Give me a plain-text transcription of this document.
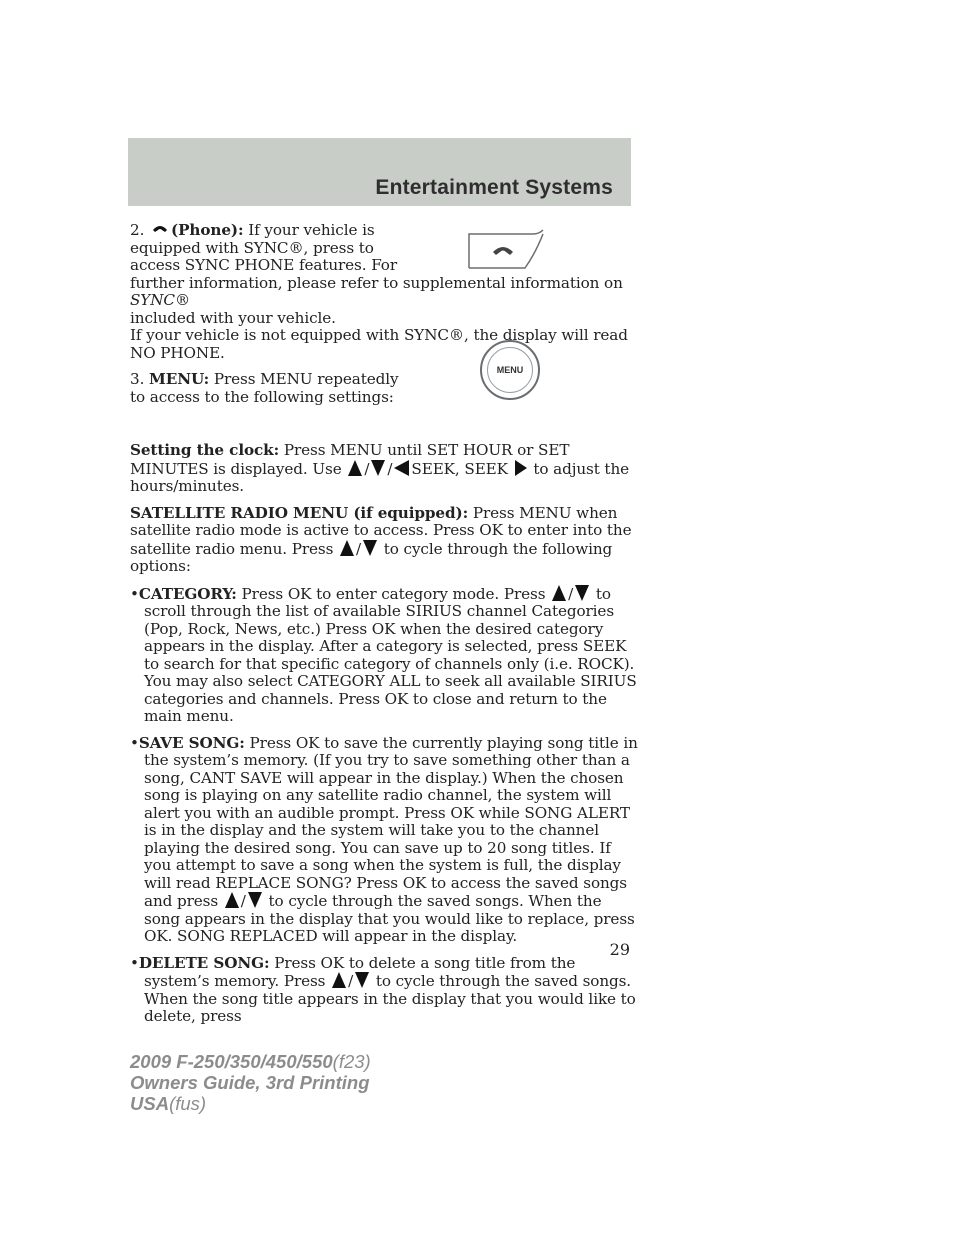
Entertainment Systems
MENU

2. (Phone): If your vehicle is
equipped with SYNC®, press to
access SYNC PHONE features. For
further information, please refer to supplemental information on SYNC®
included with your vehicle.
If your vehicle is not equipped with SYNC®, the display will read NO PHONE.

3. MENU: Press MENU repeatedly
to access to the following settings:

Setting the clock: Press MENU until SET HOUR or SET MINUTES is displayed. Use / / SEEK, SEEK  to adjust the hours/minutes.

SATELLITE RADIO MENU (if equipped): Press MENU when satellite radio mode is active to access. Press OK to enter into the satellite radio menu. Press / to cycle through the following options:

•CATEGORY: Press OK to enter category mode. Press / to scroll through the list of available SIRIUS channel Categories (Pop, Rock, News, etc.) Press OK when the desired category appears in the display. After a category is selected, press SEEK to search for that specific category of channels only (i.e. ROCK). You may also select CATEGORY ALL to seek all available SIRIUS categories and channels. Press OK to close and return to the main menu.

•SAVE SONG: Press OK to save the currently playing song title in the system’s memory. (If you try to save something other than a song, CANT SAVE will appear in the display.) When the chosen song is playing on any satellite radio channel, the system will alert you with an audible prompt. Press OK while SONG ALERT is in the display and the system will take you to the channel playing the desired song. You can save up to 20 song titles. If you attempt to save a song when the system is full, the display will read REPLACE SONG? Press OK to access the saved songs and press / to cycle through the saved songs. When the song appears in the display that you would like to replace, press OK. SONG REPLACED will appear in the display.

•DELETE SONG: Press OK to delete a song title from the system’s memory. Press / to cycle through the saved songs. When the song title appears in the display that you would like to delete, press

29
2009 F-250/350/450/550(f23)
Owners Guide, 3rd Printing
USA(fus)
